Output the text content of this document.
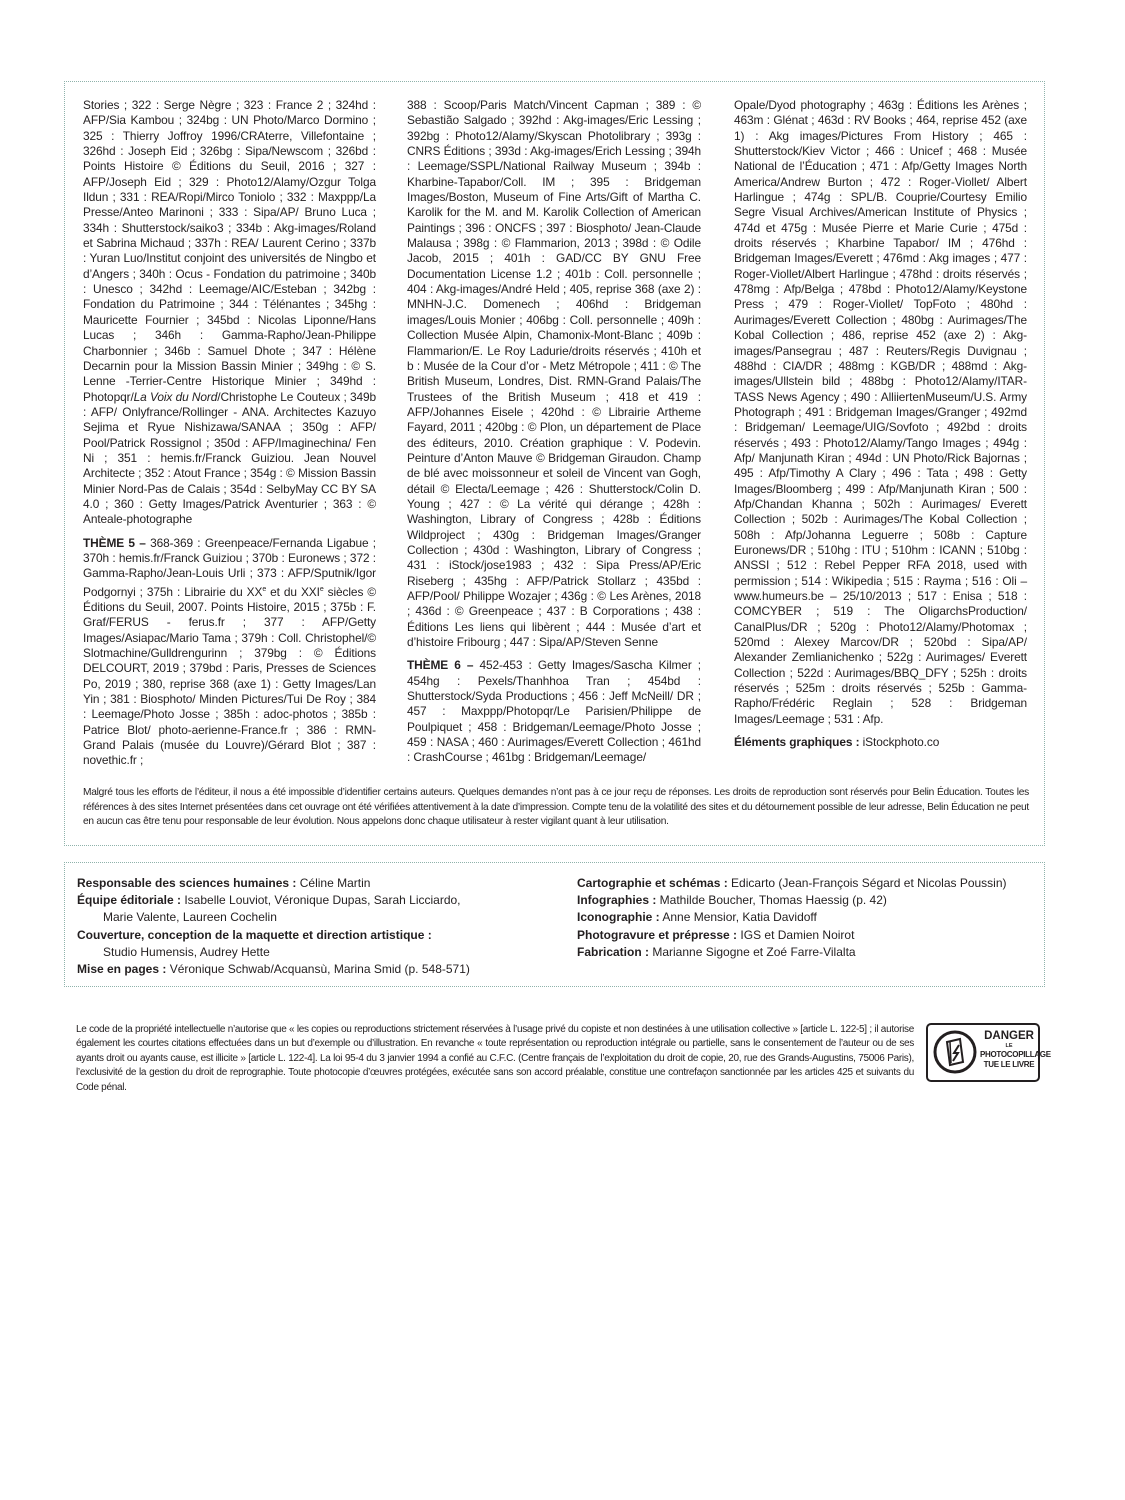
Stories ; 322 : Serge Nègre ; 323 : France 2 ; 324hd : AFP/Sia Kambou ; 324bg : UN Photo/Marco Dormino ; 325 : Thierry Joffroy 1996/CRAterre, Villefontaine ; 326hd : Joseph Eid ; 326bg : Sipa/Newscom ; 326bd : Points Histoire © Éditions du Seuil, 2016 ; 327 : AFP/Joseph Eid ; 329 : Photo12/Alamy/Ozgur Tolga Ildun ; 331 : REA/Ropi/Mirco Toniolo ; 332 : Maxppp/La Presse/Anteo Marinoni ; 333 : Sipa/AP/ Bruno Luca ; 334h : Shutterstock/saiko3 ; 334b : Akg-images/Roland et Sabrina Michaud ; 337h : REA/ Laurent Cerino ; 337b : Yuran Luo/Institut conjoint des universités de Ningbo et d’Angers ; 340h : Ocus - Fondation du patrimoine ; 340b : Unesco ; 342hd : Leemage/AIC/Esteban ; 342bg : Fondation du Patrimoine ; 344 : Télénantes ; 345hg : Mauricette Fournier ; 345bd : Nicolas Liponne/Hans Lucas ; 346h : Gamma-Rapho/Jean-Philippe Charbonnier ; 346b : Samuel Dhote ; 347 : Hélène Decarnin pour la Mission Bassin Minier ; 349hg : © S. Lenne -Terrier-Centre Historique Minier ; 349hd : Photopqr/La Voix du Nord/Christophe Le Couteux ; 349b : AFP/ Onlyfrance/Rollinger - ANA. Architectes Kazuyo Sejima et Ryue Nishizawa/SANAA ; 350g : AFP/ Pool/Patrick Rossignol ; 350d : AFP/Imaginechina/ Fen Ni ; 351 : hemis.fr/Franck Guiziou. Jean Nouvel Architecte ; 352 : Atout France ; 354g : © Mission Bassin Minier Nord-Pas de Calais ; 354d : SelbyMay CC BY SA 4.0 ; 360 : Getty Images/Patrick Aventurier ; 363 : © Anteale-photographe

THÈME 5 – 368-369 : Greenpeace/Fernanda Ligabue ; 370h : hemis.fr/Franck Guiziou ; 370b : Euronews ; 372 : Gamma-Rapho/Jean-Louis Urli ; 373 : AFP/Sputnik/Igor Podgornyi ; 375h : Librairie du XXe et du XXIe siècles © Éditions du Seuil, 2007. Points Histoire, 2015 ; 375b : F. Graf/FERUS - ferus.fr ; 377 : AFP/Getty Images/Asiapac/Mario Tama ; 379h : Coll. Christophel/© Slotmachine/Gulldrengurinn ; 379bg : © Éditions DELCOURT, 2019 ; 379bd : Paris, Presses de Sciences Po, 2019 ; 380, reprise 368 (axe 1) : Getty Images/Lan Yin ; 381 : Biosphoto/ Minden Pictures/Tui De Roy ; 384 : Leemage/Photo Josse ; 385h : adoc-photos ; 385b : Patrice Blot/ photo-aerienne-France.fr ; 386 : RMN-Grand Palais (musée du Louvre)/Gérard Blot ; 387 : novethic.fr ;

388 : Scoop/Paris Match/Vincent Capman ; 389 : © Sebastião Salgado ; 392hd : Akg-images/Eric Lessing ; 392bg : Photo12/Alamy/Skyscan Photolibrary ; 393g : CNRS Éditions ; 393d : Akg-images/Erich Lessing ; 394h : Leemage/SSPL/National Railway Museum ; 394b : Kharbine-Tapabor/Coll. IM ; 395 : Bridgeman Images/Boston, Museum of Fine Arts/Gift of Martha C. Karolik for the M. and M. Karolik Collection of American Paintings ; 396 : ONCFS ; 397 : Biosphoto/ Jean-Claude Malausa ; 398g : © Flammarion, 2013 ; 398d : © Odile Jacob, 2015 ; 401h : GAD/CC BY GNU Free Documentation License 1.2 ; 401b : Coll. personnelle ; 404 : Akg-images/André Held ; 405, reprise 368 (axe 2) : MNHN-J.C. Domenech ; 406hd : Bridgeman images/Louis Monier ; 406bg : Coll. personnelle ; 409h : Collection Musée Alpin, Chamonix-Mont-Blanc ; 409b : Flammarion/E. Le Roy Ladurie/droits réservés ; 410h et b : Musée de la Cour d’or - Metz Métropole ; 411 : © The British Museum, Londres, Dist. RMN-Grand Palais/The Trustees of the British Museum ; 418 et 419 : AFP/Johannes Eisele ; 420hd : © Librairie Artheme Fayard, 2011 ; 420bg : © Plon, un département de Place des éditeurs, 2010. Création graphique : V. Podevin. Peinture d’Anton Mauve © Bridgeman Giraudon. Champ de blé avec moissonneur et soleil de Vincent van Gogh, détail © Electa/Leemage ; 426 : Shutterstock/Colin D. Young ; 427 : © La vérité qui dérange ; 428h : Washington, Library of Congress ; 428b : Éditions Wildproject ; 430g : Bridgeman Images/Granger Collection ; 430d : Washington, Library of Congress ; 431 : iStock/jose1983 ; 432 : Sipa Press/AP/Eric Riseberg ; 435hg : AFP/Patrick Stollarz ; 435bd : AFP/Pool/ Philippe Wozajer ; 436g : © Les Arènes, 2018 ; 436d : © Greenpeace ; 437 : B Corporations ; 438 : Éditions Les liens qui libèrent ; 444 : Musée d’art et d’histoire Fribourg ; 447 : Sipa/AP/Steven Senne

THÈME 6 – 452-453 : Getty Images/Sascha Kilmer ; 454hg : Pexels/Thanhhoa Tran ; 454bd : Shutterstock/Syda Productions ; 456 : Jeff McNeill/ DR ; 457 : Maxppp/Photopqr/Le Parisien/Philippe de Poulpiquet ; 458 : Bridgeman/Leemage/Photo Josse ; 459 : NASA ; 460 : Aurimages/Everett Collection ; 461hd : CrashCourse ; 461bg : Bridgeman/Leemage/

Opale/Dyod photography ; 463g : Éditions les Arènes ; 463m : Glénat ; 463d : RV Books ; 464, reprise 452 (axe 1) : Akg images/Pictures From History ; 465 : Shutterstock/Kiev Victor ; 466 : Unicef ; 468 : Musée National de l’Éducation ; 471 : Afp/Getty Images North America/Andrew Burton ; 472 : Roger-Viollet/ Albert Harlingue ; 474g : SPL/B. Couprie/Courtesy Emilio Segre Visual Archives/American Institute of Physics ; 474d et 475g : Musée Pierre et Marie Curie ; 475d : droits réservés ; Kharbine Tapabor/ IM ; 476hd : Bridgeman Images/Everett ; 476md : Akg images ; 477 : Roger-Viollet/Albert Harlingue ; 478hd : droits réservés ; 478mg : Afp/Belga ; 478bd : Photo12/Alamy/Keystone Press ; 479 : Roger-Viollet/ TopFoto ; 480hd : Aurimages/Everett Collection ; 480bg : Aurimages/The Kobal Collection ; 486, reprise 452 (axe 2) : Akg-images/Pansegrau ; 487 : Reuters/Regis Duvignau ; 488hd : CIA/DR ; 488mg : KGB/DR ; 488md : Akg-images/Ullstein bild ; 488bg : Photo12/Alamy/ITAR-TASS News Agency ; 490 : AlliiertenMuseum/U.S. Army Photograph ; 491 : Bridgeman Images/Granger ; 492md : Bridgeman/ Leemage/UIG/Sovfoto ; 492bd : droits réservés ; 493 : Photo12/Alamy/Tango Images ; 494g : Afp/ Manjunath Kiran ; 494d : UN Photo/Rick Bajornas ; 495 : Afp/Timothy A Clary ; 496 : Tata ; 498 : Getty Images/Bloomberg ; 499 : Afp/Manjunath Kiran ; 500 : Afp/Chandan Khanna ; 502h : Aurimages/ Everett Collection ; 502b : Aurimages/The Kobal Collection ; 508h : Afp/Johanna Leguerre ; 508b : Capture Euronews/DR ; 510hg : ITU ; 510hm : ICANN ; 510bg : ANSSI ; 512 : Rebel Pepper RFA 2018, used with permission ; 514 : Wikipedia ; 515 : Rayma ; 516 : Oli – www.humeurs.be – 25/10/2013 ; 517 : Enisa ; 518 : COMCYBER ; 519 : The OligarchsProduction/ CanalPlus/DR ; 520g : Photo12/Alamy/Photomax ; 520md : Alexey Marcov/DR ; 520bd : Sipa/AP/ Alexander Zemlianichenko ; 522g : Aurimages/ Everett Collection ; 522d : Aurimages/BBQ_DFY ; 525h : droits réservés ; 525m : droits réservés ; 525b : Gamma-Rapho/Frédéric Reglain ; 528 : Bridgeman Images/Leemage ; 531 : Afp.

Éléments graphiques : iStockphoto.co

Malgré tous les efforts de l’éditeur, il nous a été impossible d’identifier certains auteurs. Quelques demandes n’ont pas à ce jour reçu de réponses. Les droits de reproduction sont réservés pour Belin Éducation. Toutes les références à des sites Internet présentées dans cet ouvrage ont été vérifiées attentivement à la date d’impression. Compte tenu de la volatilité des sites et du détournement possible de leur adresse, Belin Éducation ne peut en aucun cas être tenu pour responsable de leur évolution. Nous appelons donc chaque utilisateur à rester vigilant quant à leur utilisation.
Responsable des sciences humaines : Céline Martin
Équipe éditoriale : Isabelle Louviot, Véronique Dupas, Sarah Licciardo,
Marie Valente, Laureen Cochelin
Couverture, conception de la maquette et direction artistique :
Studio Humensis, Audrey Hette
Mise en pages : Véronique Schwab/Acquansù, Marina Smid (p. 548-571)
Cartographie et schémas : Edicarto (Jean-François Ségard et Nicolas Poussin)
Infographies : Mathilde Boucher, Thomas Haessig (p. 42)
Iconographie : Anne Mensior, Katia Davidoff
Photogravure et prépresse : IGS et Damien Noirot
Fabrication : Marianne Sigogne et Zoé Farre-Vilalta
Le code de la propriété intellectuelle n’autorise que « les copies ou reproductions strictement réservées à l’usage privé du copiste et non destinées à une utilisation collective » [article L. 122-5] ; il autorise également les courtes citations effectuées dans un but d’exemple ou d’illustration. En revanche « toute représentation ou reproduction intégrale ou partielle, sans le consentement de l’auteur ou de ses ayants droit ou ayants cause, est illicite » [article L. 122-4]. La loi 95-4 du 3 janvier 1994 a confié au C.F.C. (Centre français de l’exploitation du droit de copie, 20, rue des Grands-Augustins, 75006 Paris), l’exclusivité de la gestion du droit de reprographie. Toute photocopie d’œuvres protégées, exécutée sans son accord préalable, constitue une contrefaçon sanctionnée par les articles 425 et suivants du Code pénal.
DANGER
LE
PHOTOCOPILLAGE
TUE LE LIVRE
